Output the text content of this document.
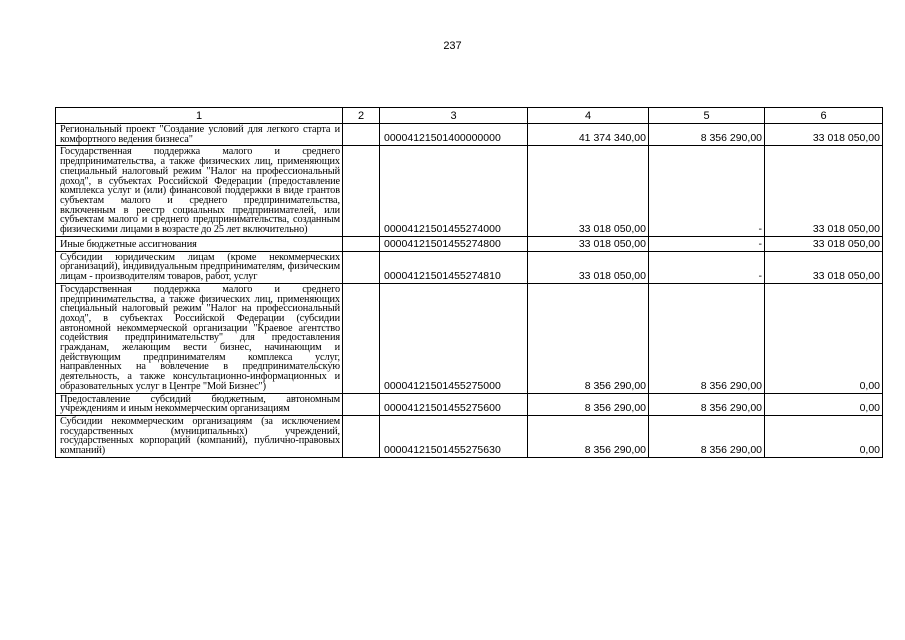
237
1	2	3	4	5	6
Региональный проект "Создание условий для легкого старта и комфортного ведения бизнеса"		00004121501400000000	41 374 340,00	8 356 290,00	33 018 050,00
Государственная поддержка малого и среднего предпринимательства, а также физических лиц, применяющих специальный налоговый режим "Налог на профессиональный доход", в субъектах Российской Федерации (предоставление комплекса услуг и (или) финансовой поддержки в виде грантов субъектам малого и среднего предпринимательства, включенным в реестр социальных предпринимателей, или субъектам малого и среднего предпринимательства, созданным физическими лицами в возрасте до 25 лет включительно)		00004121501455274000	33 018 050,00	-	33 018 050,00
Иные бюджетные ассигнования		00004121501455274800	33 018 050,00	-	33 018 050,00
Субсидии юридическим лицам (кроме некоммерческих организаций), индивидуальным предпринимателям, физическим лицам - производителям товаров, работ, услуг		00004121501455274810	33 018 050,00	-	33 018 050,00
Государственная поддержка малого и среднего предпринимательства, а также физических лиц, применяющих специальный налоговый режим "Налог на профессиональный доход", в субъектах Российской Федерации (субсидии автономной некоммерческой организации "Краевое агентство содействия предпринимательству" для предоставления гражданам, желающим вести бизнес, начинающим и действующим предпринимателям комплекса услуг, направленных на вовлечение в предпринимательскую деятельность, а также консультационно-информационных и образовательных услуг в Центре "Мой Бизнес")		00004121501455275000	8 356 290,00	8 356 290,00	0,00
Предоставление субсидий бюджетным, автономным учреждениям и иным некоммерческим организациям		00004121501455275600	8 356 290,00	8 356 290,00	0,00
Субсидии некоммерческим организациям (за исключением государственных (муниципальных) учреждений, государственных корпораций (компаний), публично-правовых компаний)		00004121501455275630	8 356 290,00	8 356 290,00	0,00
